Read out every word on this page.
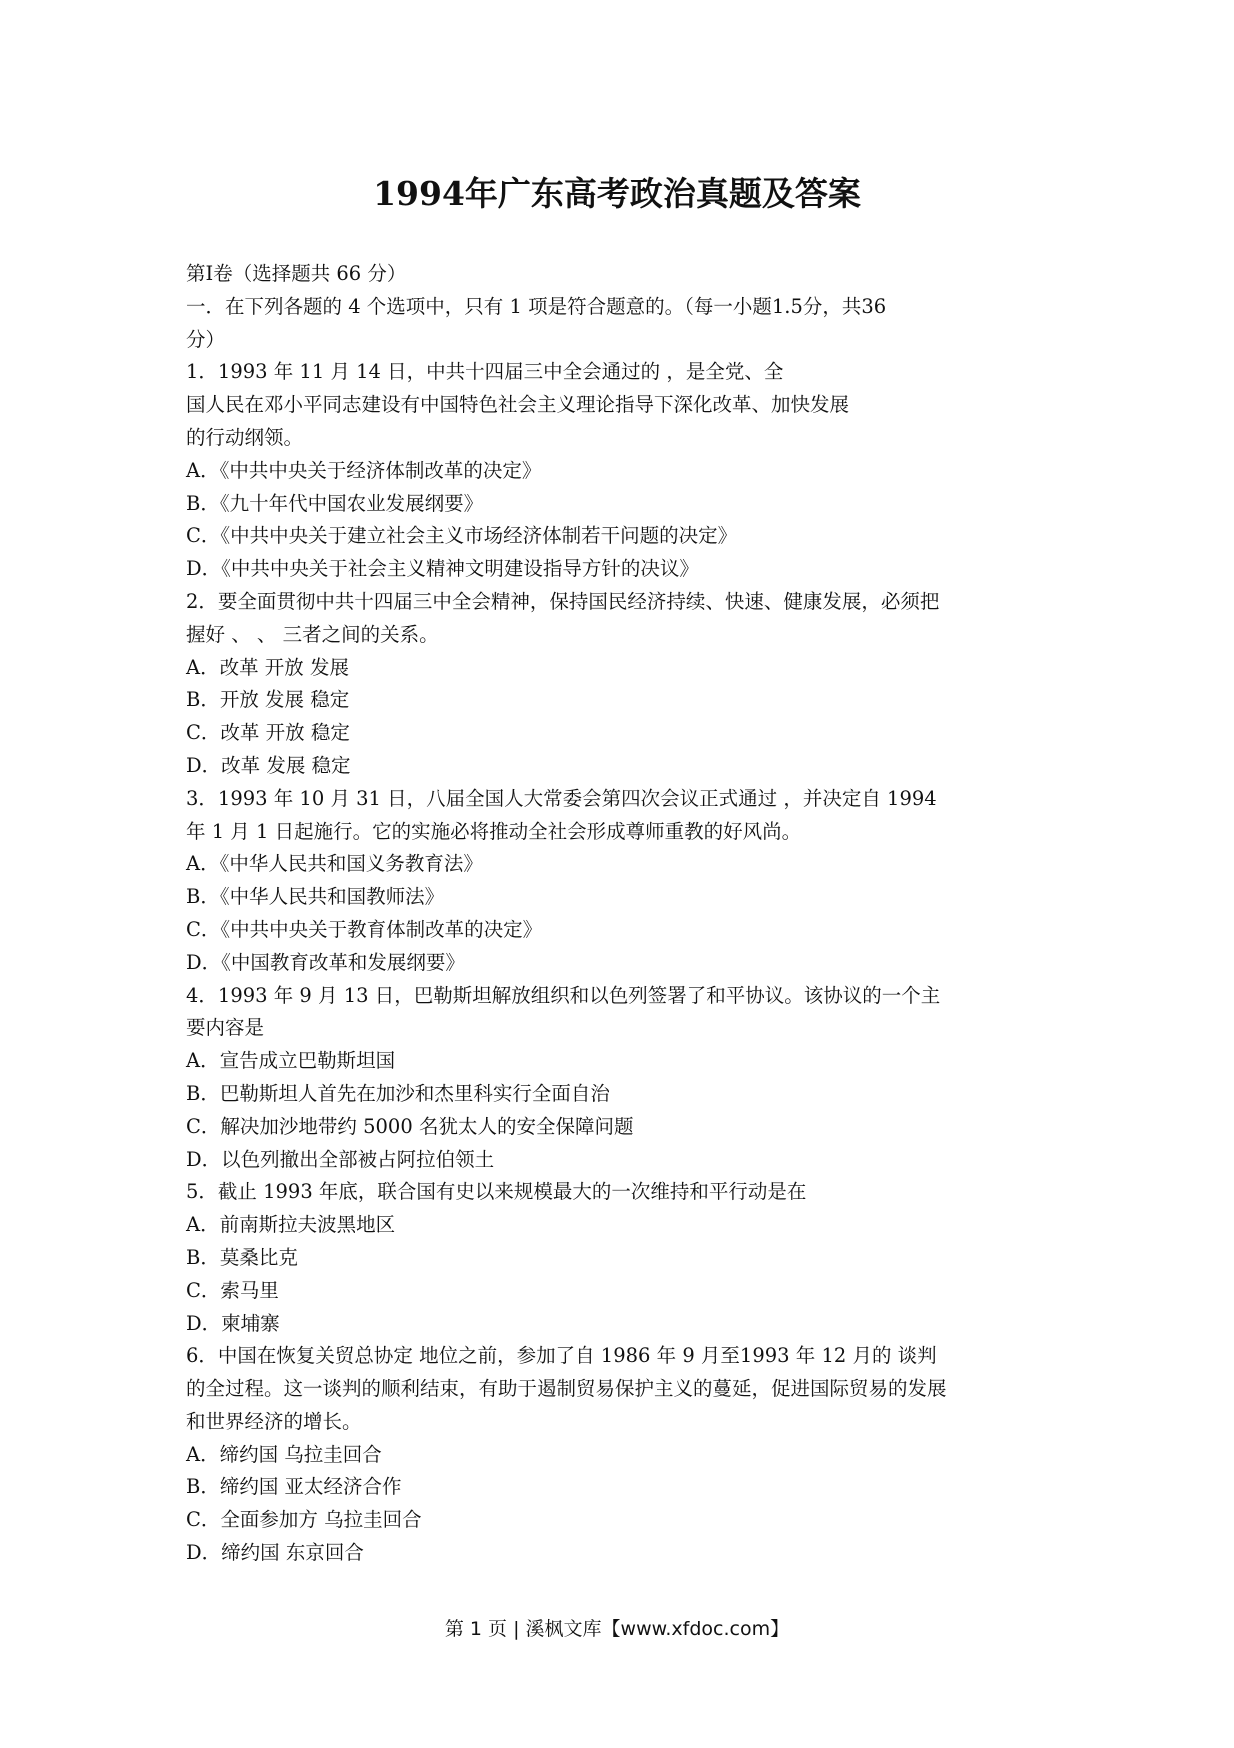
1994年广东高考政治真题及答案

第Ⅰ卷（选择题共 66 分）

一．在下列各题的 4 个选项中，只有 1 项是符合题意的。（每一小题1.5分，共36

分）

1．1993 年 11 月 14 日，中共十四届三中全会通过的 ，是全党、全

国人民在邓小平同志建设有中国特色社会主义理论指导下深化改革、加快发展

的行动纲领。

A．《中共中央关于经济体制改革的决定》

B．《九十年代中国农业发展纲要》

C．《中共中央关于建立社会主义市场经济体制若干问题的决定》

D．《中共中央关于社会主义精神文明建设指导方针的决议》

2．要全面贯彻中共十四届三中全会精神，保持国民经济持续、快速、健康发展，必须把

握好 、 、 三者之间的关系。

A．改革 开放 发展

B．开放 发展 稳定

C．改革 开放 稳定

D．改革 发展 稳定

3．1993 年 10 月 31 日，八届全国人大常委会第四次会议正式通过 ，并决定自 1994

年 1 月 1 日起施行。它的实施必将推动全社会形成尊师重教的好风尚。

A．《中华人民共和国义务教育法》

B．《中华人民共和国教师法》

C．《中共中央关于教育体制改革的决定》

D．《中国教育改革和发展纲要》

4．1993 年 9 月 13 日，巴勒斯坦解放组织和以色列签署了和平协议。该协议的一个主

要内容是

A．宣告成立巴勒斯坦国

B．巴勒斯坦人首先在加沙和杰里科实行全面自治

C．解决加沙地带约 5000 名犹太人的安全保障问题

D．以色列撤出全部被占阿拉伯领土

5．截止 1993 年底，联合国有史以来规模最大的一次维持和平行动是在

A．前南斯拉夫波黑地区

B．莫桑比克

C．索马里

D．柬埔寨

6．中国在恢复关贸总协定 地位之前，参加了自 1986 年 9 月至1993 年 12 月的 谈判

的全过程。这一谈判的顺利结束，有助于遏制贸易保护主义的蔓延，促进国际贸易的发展

和世界经济的增长。

A．缔约国 乌拉圭回合

B．缔约国 亚太经济合作

C．全面参加方 乌拉圭回合

D．缔约国 东京回合

第 1 页 | 溪枫文库【www.xfdoc.com】
